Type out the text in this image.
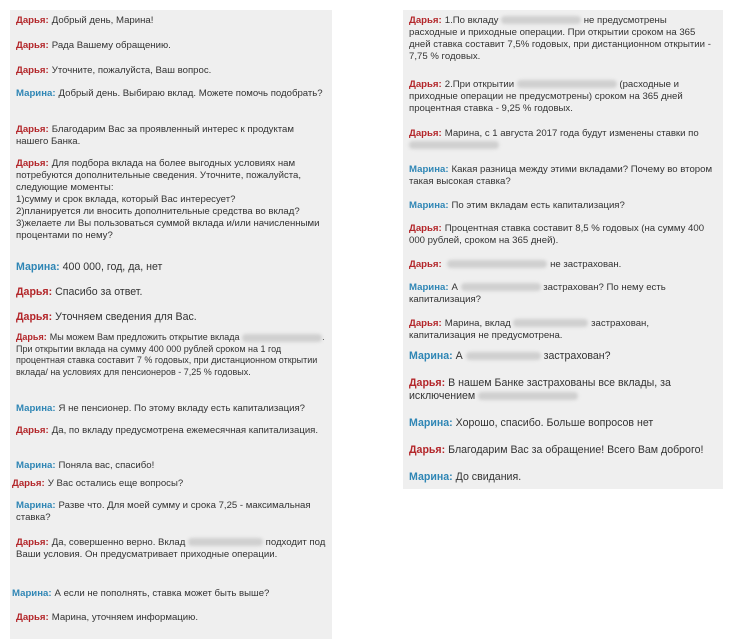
Дарья: Добрый день, Марина!
Дарья: Рада Вашему обращению.
Дарья: Уточните, пожалуйста, Ваш вопрос.
Марина: Добрый день. Выбираю вклад. Можете помочь подобрать?
Дарья: Благодарим Вас за проявленный интерес к продуктам нашего Банка.
Дарья: Для подбора вклада на более выгодных условиях нам потребуются дополнительные сведения. Уточните, пожалуйста, следующие моменты:
1)сумму и срок вклада, который Вас интересует?
2)планируется ли вносить дополнительные средства во вклад?
3)желаете ли Вы пользоваться суммой вклада и/или начисленными процентами по нему?
Марина: 400 000, год, да, нет
Дарья: Спасибо за ответ.
Дарья: Уточняем сведения для Вас.
Дарья: Мы можем Вам предложить открытие вклада	. При открытии вклада на сумму 400 000 рублей сроком на 1 год процентная ставка составит 7 % годовых, при дистанционном открытии вклада/ на условиях для пенсионеров - 7,25 % годовых.
Марина: Я не пенсионер. По этому вкладу есть капитализация?
Дарья: Да, по вкладу предусмотрена ежемесячная капитализация.
Марина: Поняла вас, спасибо!
Дарья: У Вас остались еще вопросы?
Марина: Разве что. Для моей сумму и срока 7,25 - максимальная ставка?
Дарья: Да, совершенно верно. Вклад	подходит под Ваши условия. Он предусматривает приходные операции.
Марина: А если не пополнять, ставка может быть выше?
Дарья: Марина, уточняем информацию.
Дарья: 1.По вкладу	не предусмотрены расходные и приходные операции. При открытии сроком на 365 дней ставка составит 7,5% годовых, при дистанционном открытии - 7,75 % годовых.
Дарья: 2.При открытии	(расходные и приходные операции не предусмотрены) сроком на 365 дней процентная ставка - 9,25 % годовых.
Дарья: Марина, с 1 августа 2017 года будут изменены ставки по

Марина: Какая разница между этими вкладами? Почему во втором такая высокая ставка?
Марина: По этим вкладам есть капитализация?
Дарья: Процентная ставка составит 8,5 % годовых (на сумму 400 000 рублей, сроком на 365 дней).
Дарья:	не застрахован.
Марина: А	застрахован? По нему есть капитализация?
Дарья: Марина, вклад	застрахован, капитализация не предусмотрена.
Марина: А	застрахован?
Дарья: В нашем Банке застрахованы все вклады, за исключением
Марина: Хорошо, спасибо. Больше вопросов нет
Дарья: Благодарим Вас за обращение! Всего Вам доброго!
Марина: До свидания.
